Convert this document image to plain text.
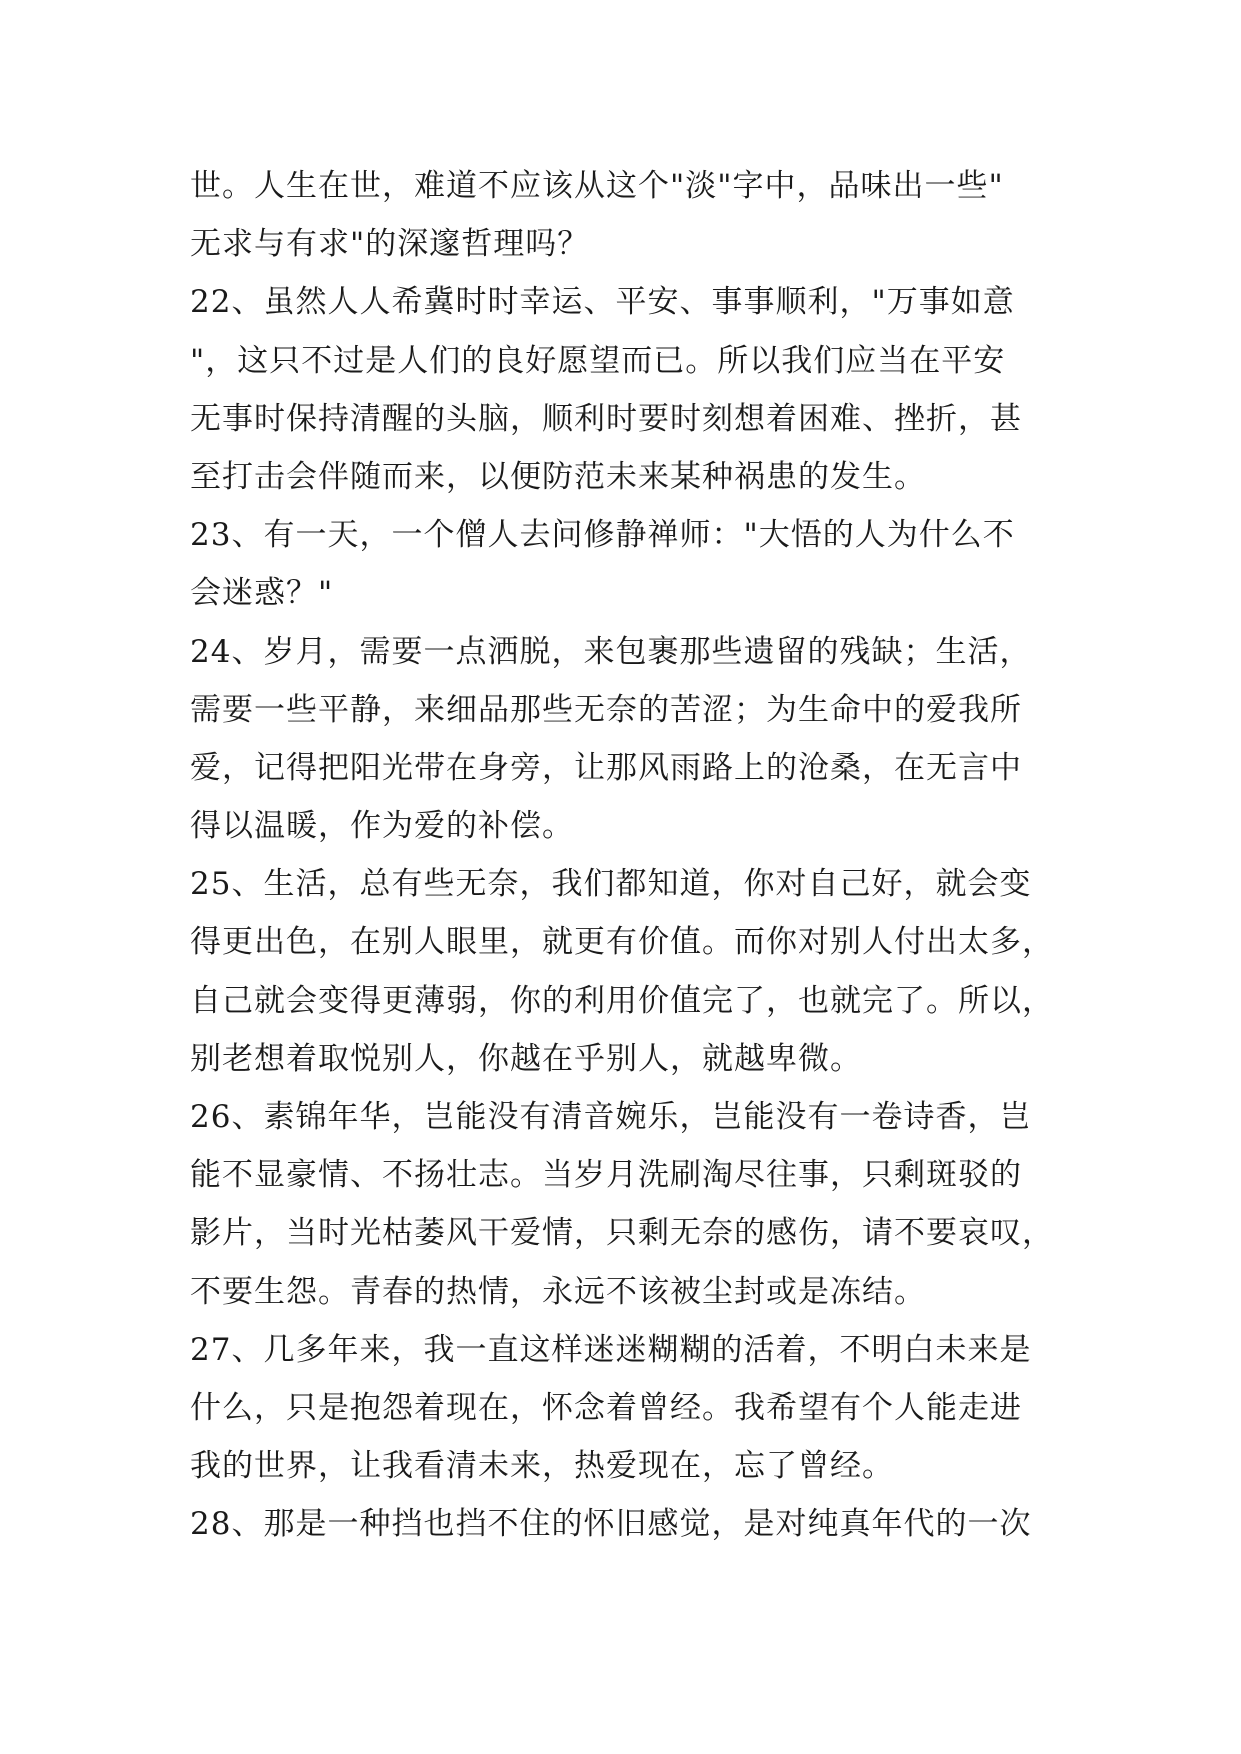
世。人生在世，难道不应该从这个"淡"字中，品味出一些"
无求与有求"的深邃哲理吗？
22、虽然人人希冀时时幸运、平安、事事顺利，"万事如意
"，这只不过是人们的良好愿望而已。所以我们应当在平安
无事时保持清醒的头脑，顺利时要时刻想着困难、挫折，甚
至打击会伴随而来，以便防范未来某种祸患的发生。
23、有一天，一个僧人去问修静禅师："大悟的人为什么不
会迷惑？"
24、岁月，需要一点洒脱，来包裹那些遗留的残缺；生活，
需要一些平静，来细品那些无奈的苦涩；为生命中的爱我所
爱，记得把阳光带在身旁，让那风雨路上的沧桑，在无言中
得以温暖，作为爱的补偿。
25、生活，总有些无奈，我们都知道，你对自己好，就会变
得更出色，在别人眼里，就更有价值。而你对别人付出太多，
自己就会变得更薄弱，你的利用价值完了，也就完了。所以，
别老想着取悦别人，你越在乎别人，就越卑微。
26、素锦年华，岂能没有清音婉乐，岂能没有一卷诗香，岂
能不显豪情、不扬壮志。当岁月洗刷淘尽往事，只剩斑驳的
影片，当时光枯萎风干爱情，只剩无奈的感伤，请不要哀叹，
不要生怨。青春的热情，永远不该被尘封或是冻结。
27、几多年来，我一直这样迷迷糊糊的活着，不明白未来是
什么，只是抱怨着现在，怀念着曾经。我希望有个人能走进
我的世界，让我看清未来，热爱现在，忘了曾经。
28、那是一种挡也挡不住的怀旧感觉，是对纯真年代的一次
